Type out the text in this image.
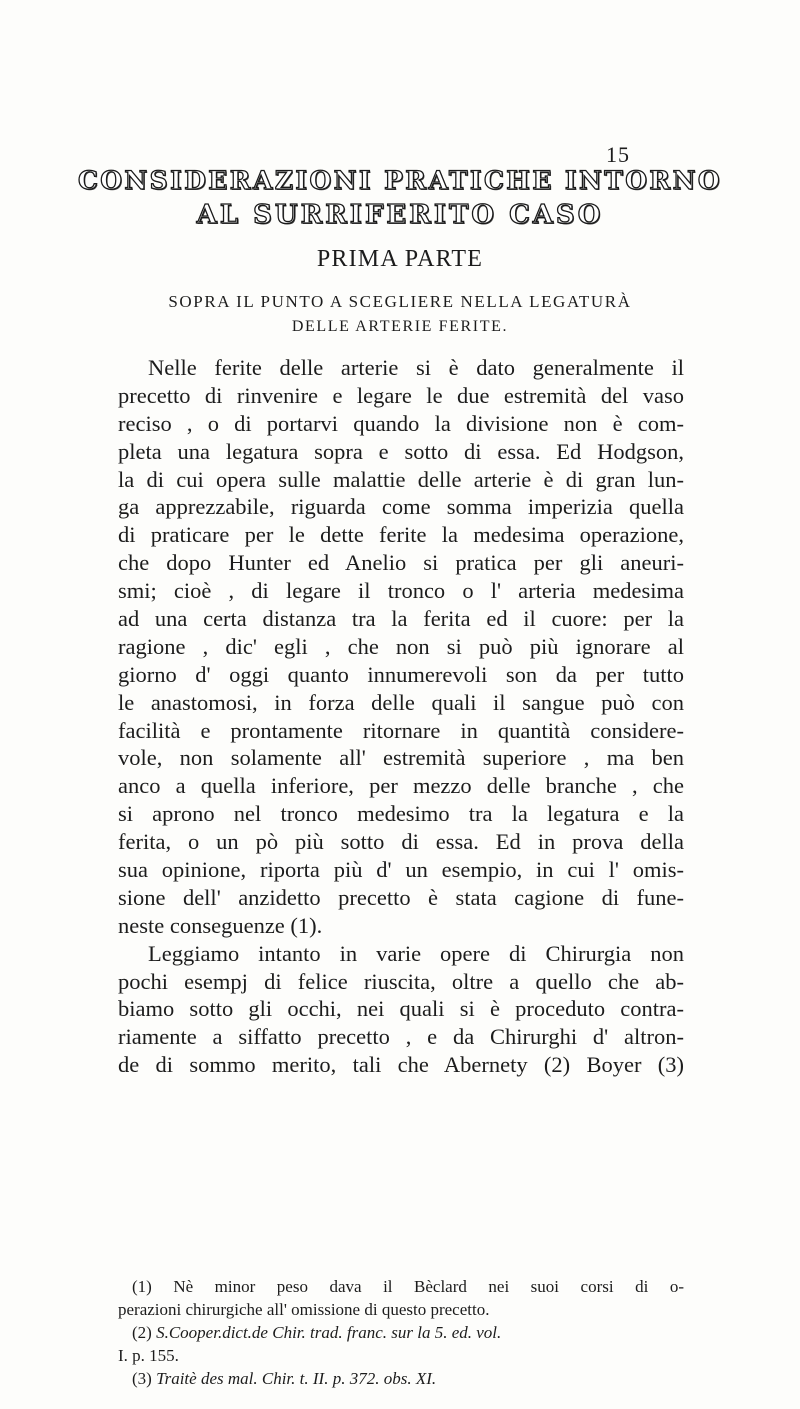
15
CONSIDERAZIONI PRATICHE INTORNO
AL SURRIFERITO CASO
PRIMA PARTE
SOPRA IL PUNTO A SCEGLIERE NELLA LEGATURÀ
DELLE ARTERIE FERITE.
Nelle ferite delle arterie si è dato generalmente il
precetto di rinvenire e legare le due estremità del vaso
reciso , o di portarvi quando la divisione non è com-
pleta una legatura sopra e sotto di essa. Ed Hodgson,
la di cui opera sulle malattie delle arterie è di gran lun-
ga apprezzabile, riguarda come somma imperizia quella
di praticare per le dette ferite la medesima operazione,
che dopo Hunter ed Anelio si pratica per gli aneuri-
smi; cioè , di legare il tronco o l' arteria medesima
ad una certa distanza tra la ferita ed il cuore: per la
ragione , dic' egli , che non si può più ignorare al
giorno d' oggi quanto innumerevoli son da per tutto
le anastomosi, in forza delle quali il sangue può con
facilità e prontamente ritornare in quantità considere-
vole, non solamente all' estremità superiore , ma ben
anco a quella inferiore, per mezzo delle branche , che
si aprono nel tronco medesimo tra la legatura e la
ferita, o un pò più sotto di essa. Ed in prova della
sua opinione, riporta più d' un esempio, in cui l' omis-
sione dell' anzidetto precetto è stata cagione di fune-
neste conseguenze (1).
Leggiamo intanto in varie opere di Chirurgia non
pochi esempj di felice riuscita, oltre a quello che ab-
biamo sotto gli occhi, nei quali si è proceduto contra-
riamente a siffatto precetto , e da Chirurghi d' altron-
de di sommo merito, tali che Abernety (2) Boyer (3)
(1) Nè minor peso dava il Bèclard nei suoi corsi di o-
perazioni chirurgiche all' omissione di questo precetto.
(2) S.Cooper.dict.de Chir. trad. franc. sur la 5. ed. vol.
I. p. 155.
(3) Traitè des mal. Chir. t. II. p. 372. obs. XI.
